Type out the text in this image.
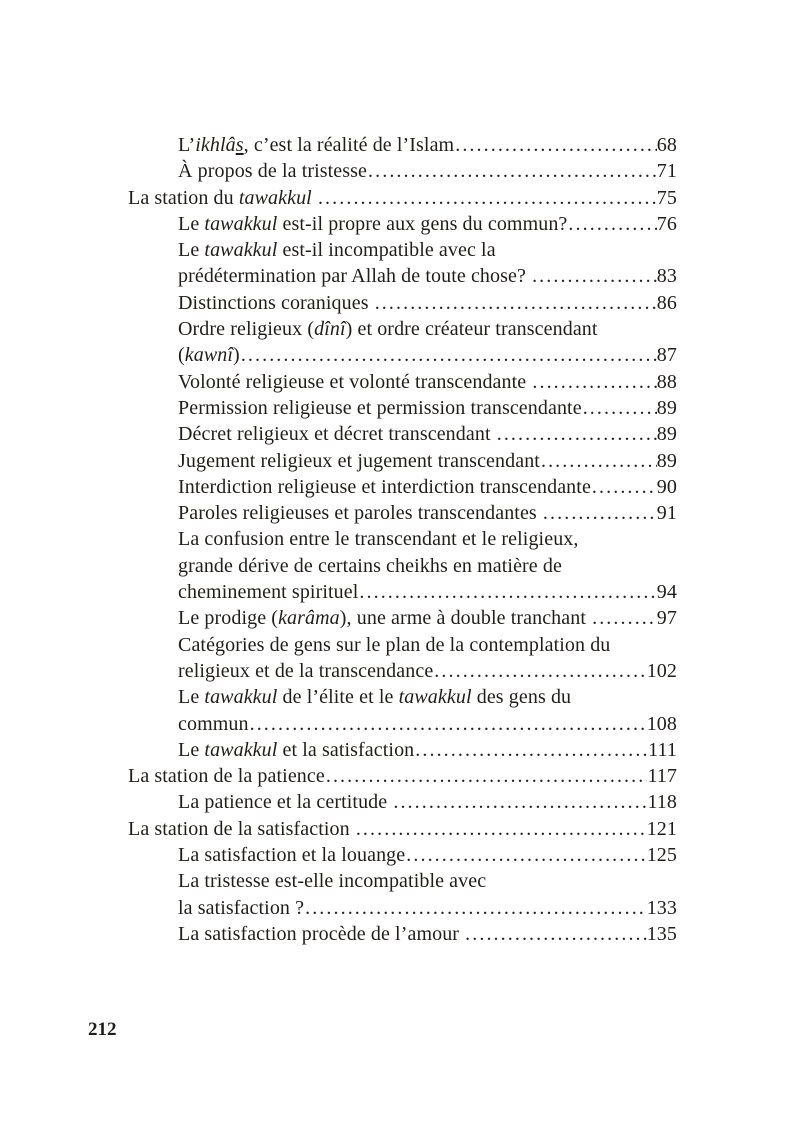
L’ikhlâs, c’est la réalité de l’Islam .....	68
À propos de la tristesse .....	71
La station du tawakkul .....	75
Le tawakkul est-il propre aux gens du commun? .....	76
Le tawakkul est-il incompatible avec la
prédétermination par Allah de toute chose? .....	83
Distinctions coraniques .....	86
Ordre religieux (dînî) et ordre créateur transcendant
(kawnî) .....	87
Volonté religieuse et volonté transcendante .....	88
Permission religieuse et permission transcendante .....	89
Décret religieux et décret transcendant .....	89
Jugement religieux et jugement transcendant .....	89
Interdiction religieuse et interdiction transcendante .....	90
Paroles religieuses et paroles transcendantes .....	91
La confusion entre le transcendant et le religieux,
grande dérive de certains cheikhs en matière de
cheminement spirituel .....	94
Le prodige (karâma), une arme à double tranchant .....	97
Catégories de gens sur le plan de la contemplation du
religieux et de la transcendance .....	102
Le tawakkul de l’élite et le tawakkul des gens du
commun .....	108
Le tawakkul et la satisfaction .....	111
La station de la patience .....	117
La patience et la certitude .....	118
La station de la satisfaction .....	121
La satisfaction et la louange .....	125
La tristesse est-elle incompatible avec
la satisfaction ? .....	133
La satisfaction procède de l’amour .....	135
212
